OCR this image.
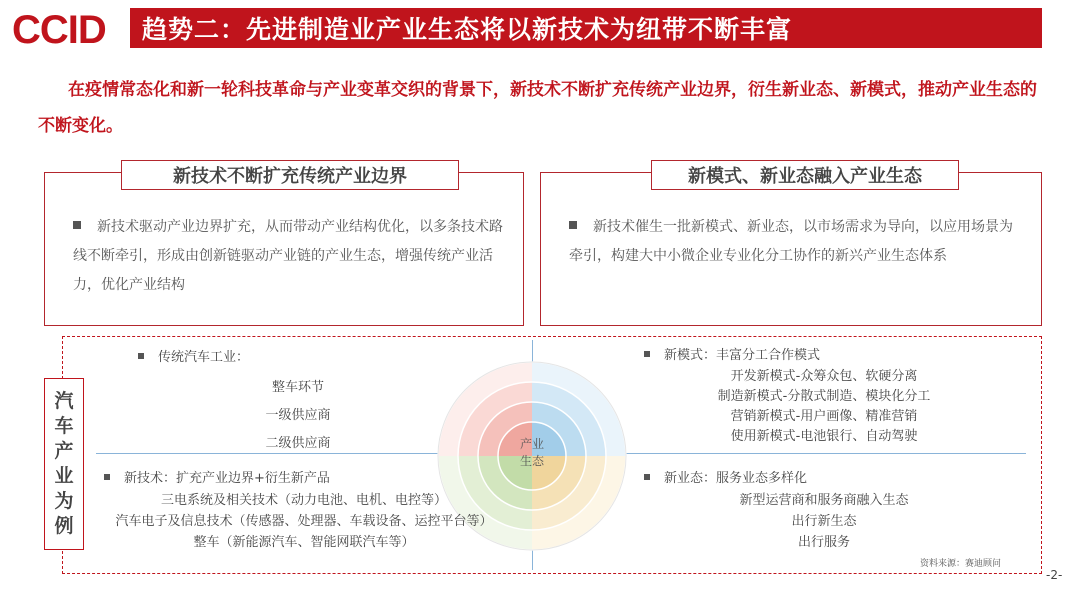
CCID	趋势二：先进制造业产业生态将以新技术为纽带不断丰富
在疫情常态化和新一轮科技革命与产业变革交织的背景下，新技术不断扩充传统产业边界，衍生新业态、新模式，推动产业生态的不断变化。
新技术不断扩充传统产业边界
新技术驱动产业边界扩充，从而带动产业结构优化，以多条技术路线不断牵引，形成由创新链驱动产业链的产业生态，增强传统产业活力，优化产业结构
新模式、新业态融入产业生态
新技术催生一批新模式、新业态，以市场需求为导向，以应用场景为牵引，构建大中小微企业专业化分工协作的新兴产业生态体系
产业
生态
汽
车
产
业
为
例
传统汽车工业：
整车环节
一级供应商
二级供应商
新模式：丰富分工合作模式
开发新模式-众筹众包、软硬分离
制造新模式-分散式制造、模块化分工
营销新模式-用户画像、精准营销
使用新模式-电池银行、自动驾驶
新技术：扩充产业边界+衍生新产品
三电系统及相关技术（动力电池、电机、电控等）
汽车电子及信息技术（传感器、处理器、车载设备、运控平台等）
整车（新能源汽车、智能网联汽车等）
新业态：服务业态多样化
新型运营商和服务商融入生态
出行新生态
出行服务
资料来源：赛迪顾问
-2-
